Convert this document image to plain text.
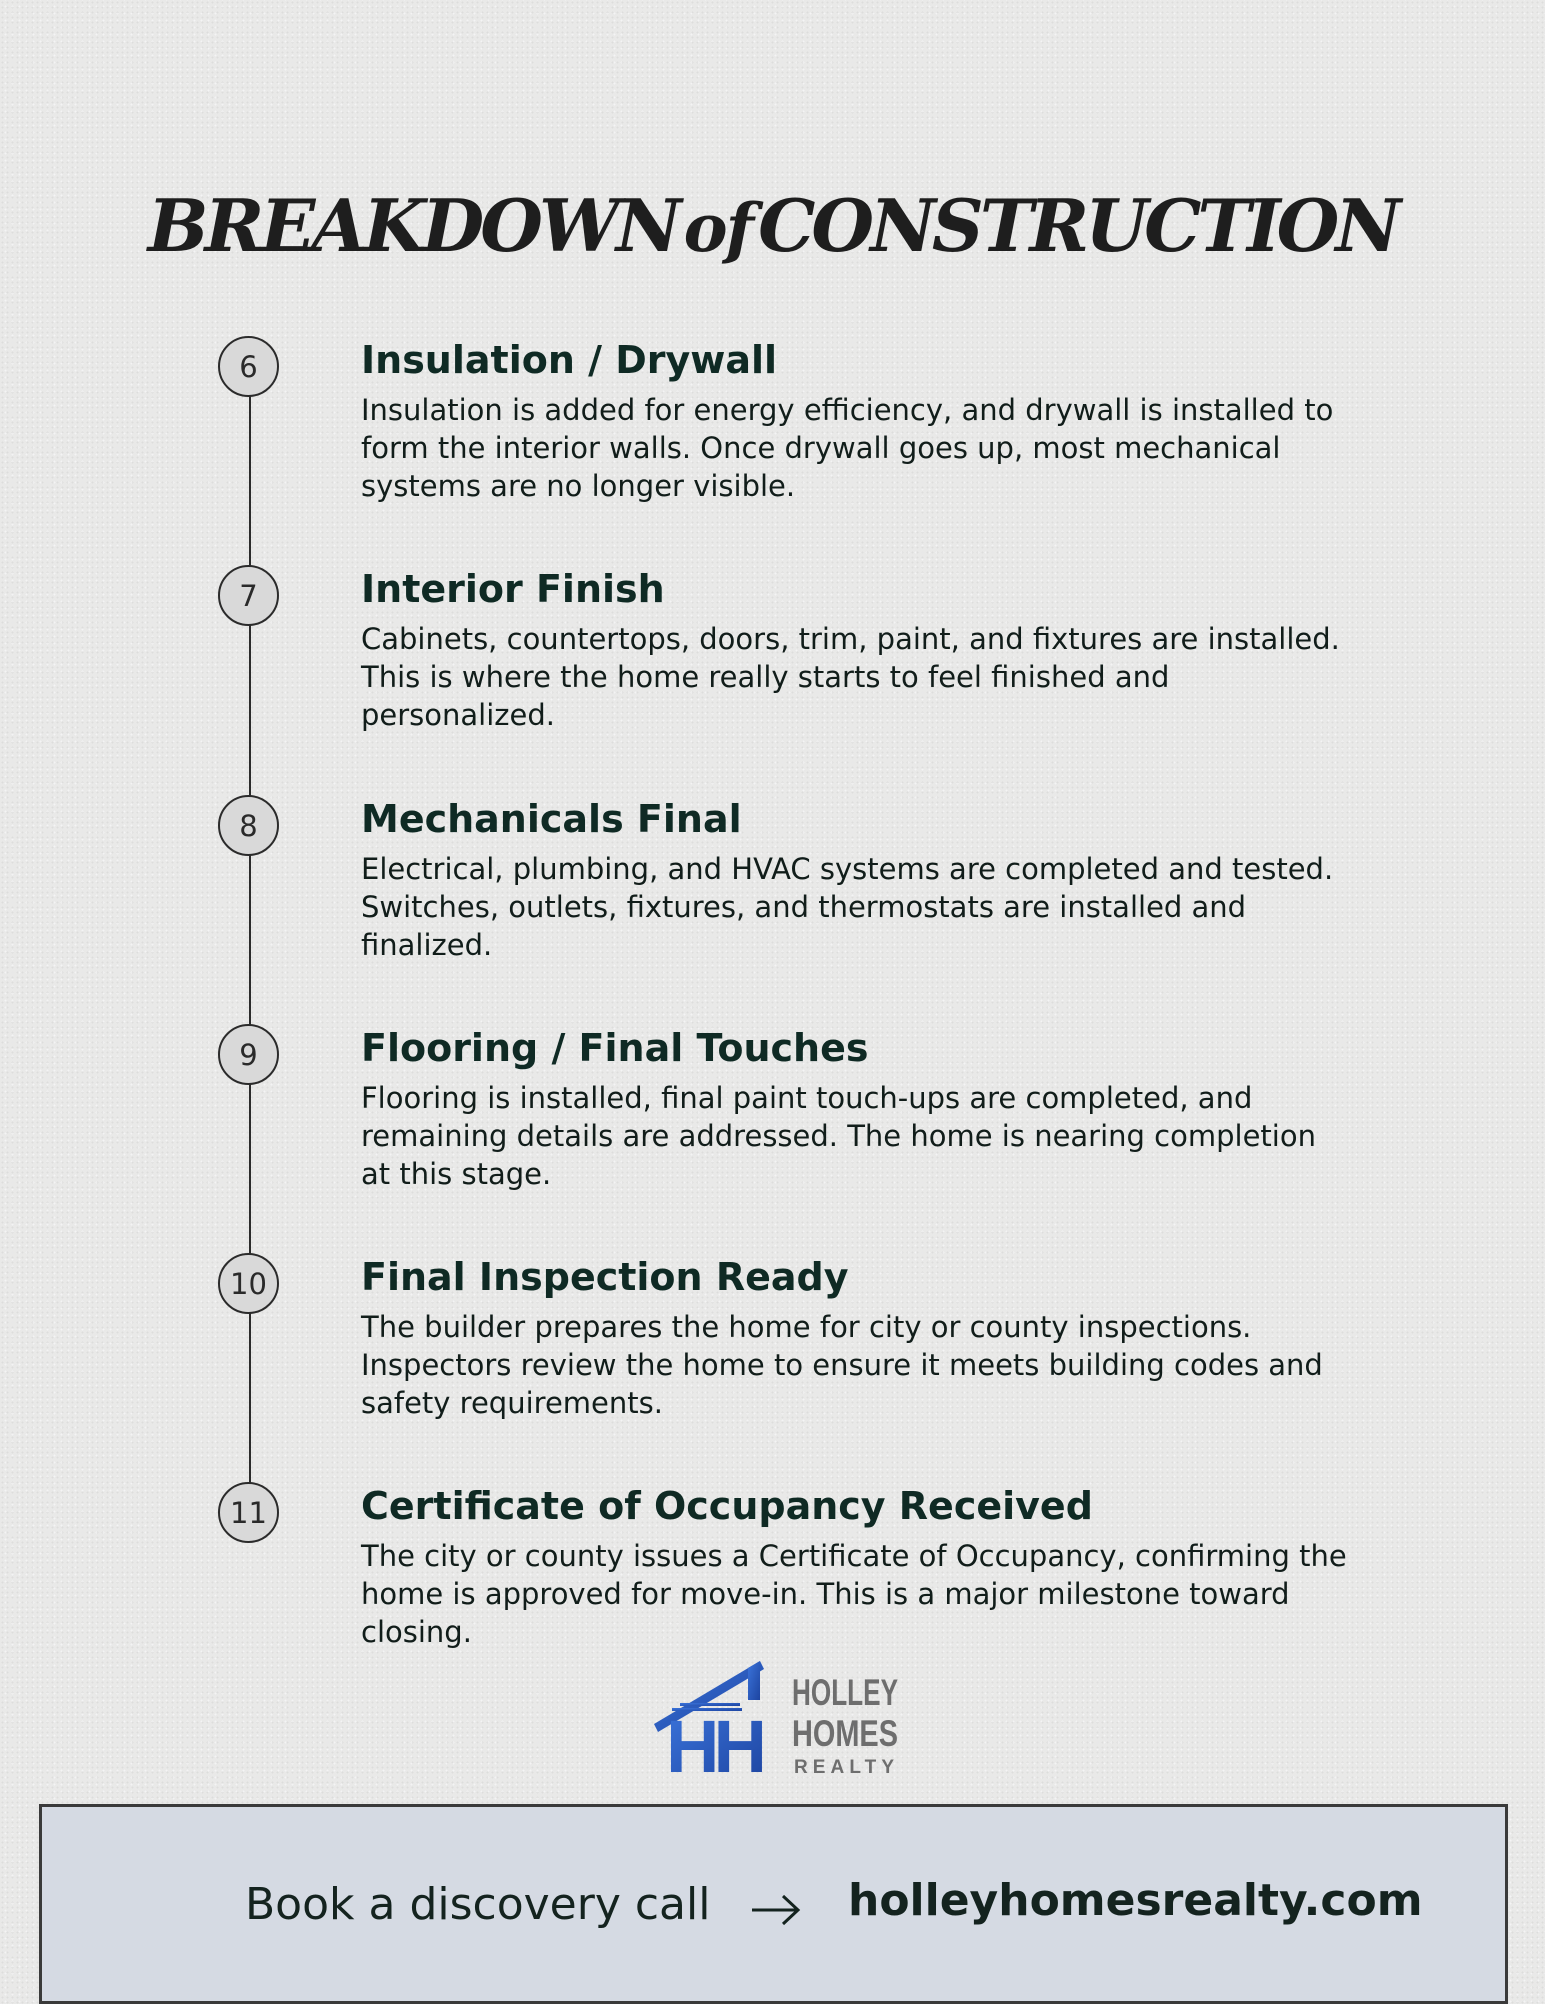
BREAKDOWNofCONSTRUCTION
6	Insulation / Drywall

Insulation is added for energy efficiency, and drywall is installed to form the interior walls. Once drywall goes up, most mechanical systems are no longer visible.

7	Interior Finish

Cabinets, countertops, doors, trim, paint, and fixtures are installed. This is where the home really starts to feel finished and personalized.

8	Mechanicals Final

Electrical, plumbing, and HVAC systems are completed and tested. Switches, outlets, fixtures, and thermostats are installed and finalized.

9	Flooring / Final Touches

Flooring is installed, final paint touch-ups are completed, and remaining details are addressed. The home is nearing completion at this stage.

10	Final Inspection Ready

The builder prepares the home for city or county inspections. Inspectors review the home to ensure it meets building codes and safety requirements.

11	Certificate of Occupancy Received

The city or county issues a Certificate of Occupancy, confirming the home is approved for move-in. This is a major milestone toward closing.

HH
HOLLEY
HOMES
REALTY
Book a discovery call	holleyhomesrealty.com
